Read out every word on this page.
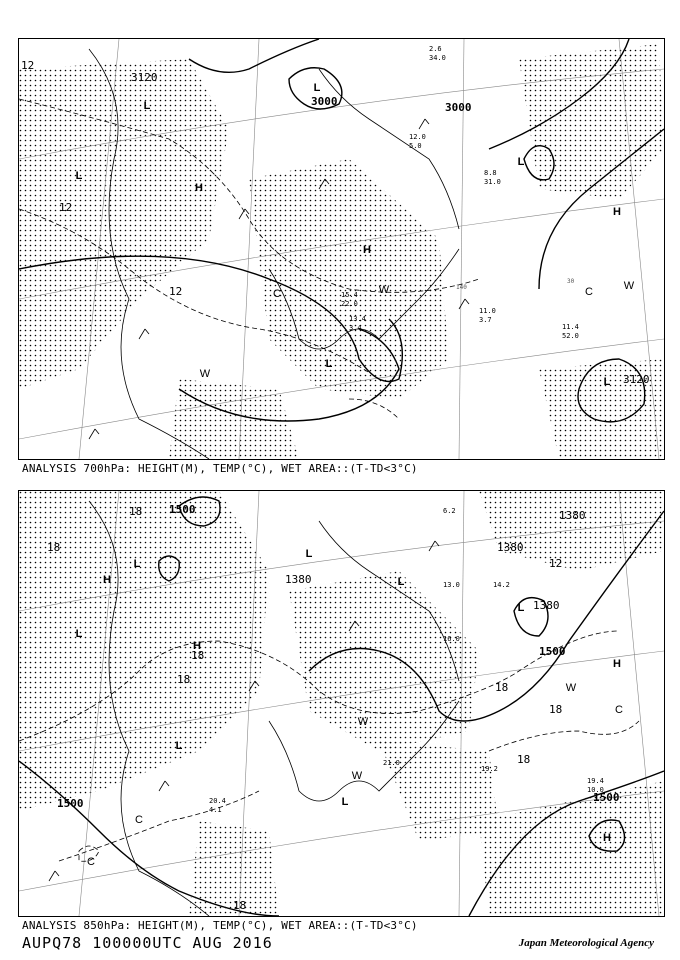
L
L
H
L
L
H
H
L
L
C	C
W
W
W
3120
3000	3000
3120
12
12
12
11.0
3.7
11.4
52.0
15.4
22.0
13.4
3.4
12.0
5.0
8.8
31.0
2.6
34.0
140
30
ANALYSIS 700hPa: HEIGHT(M), TEMP(°C), WET AREA::(T-TD<3°C)
H
L
L
H
H
L
L
L
L
L
H
W
W
W
C
C
C
1500
1380
1380
1380
1380
1500
1500	1500
18
18
18
18
18
18
18
12
18
19.4
10.0
19.2
20.4
4.1
21.0
13.0	14.2
16.0
6.2
ANALYSIS 850hPa: HEIGHT(M), TEMP(°C), WET AREA::(T-TD<3°C)
AUPQ78 100000UTC AUG 2016	Japan Meteorological Agency
